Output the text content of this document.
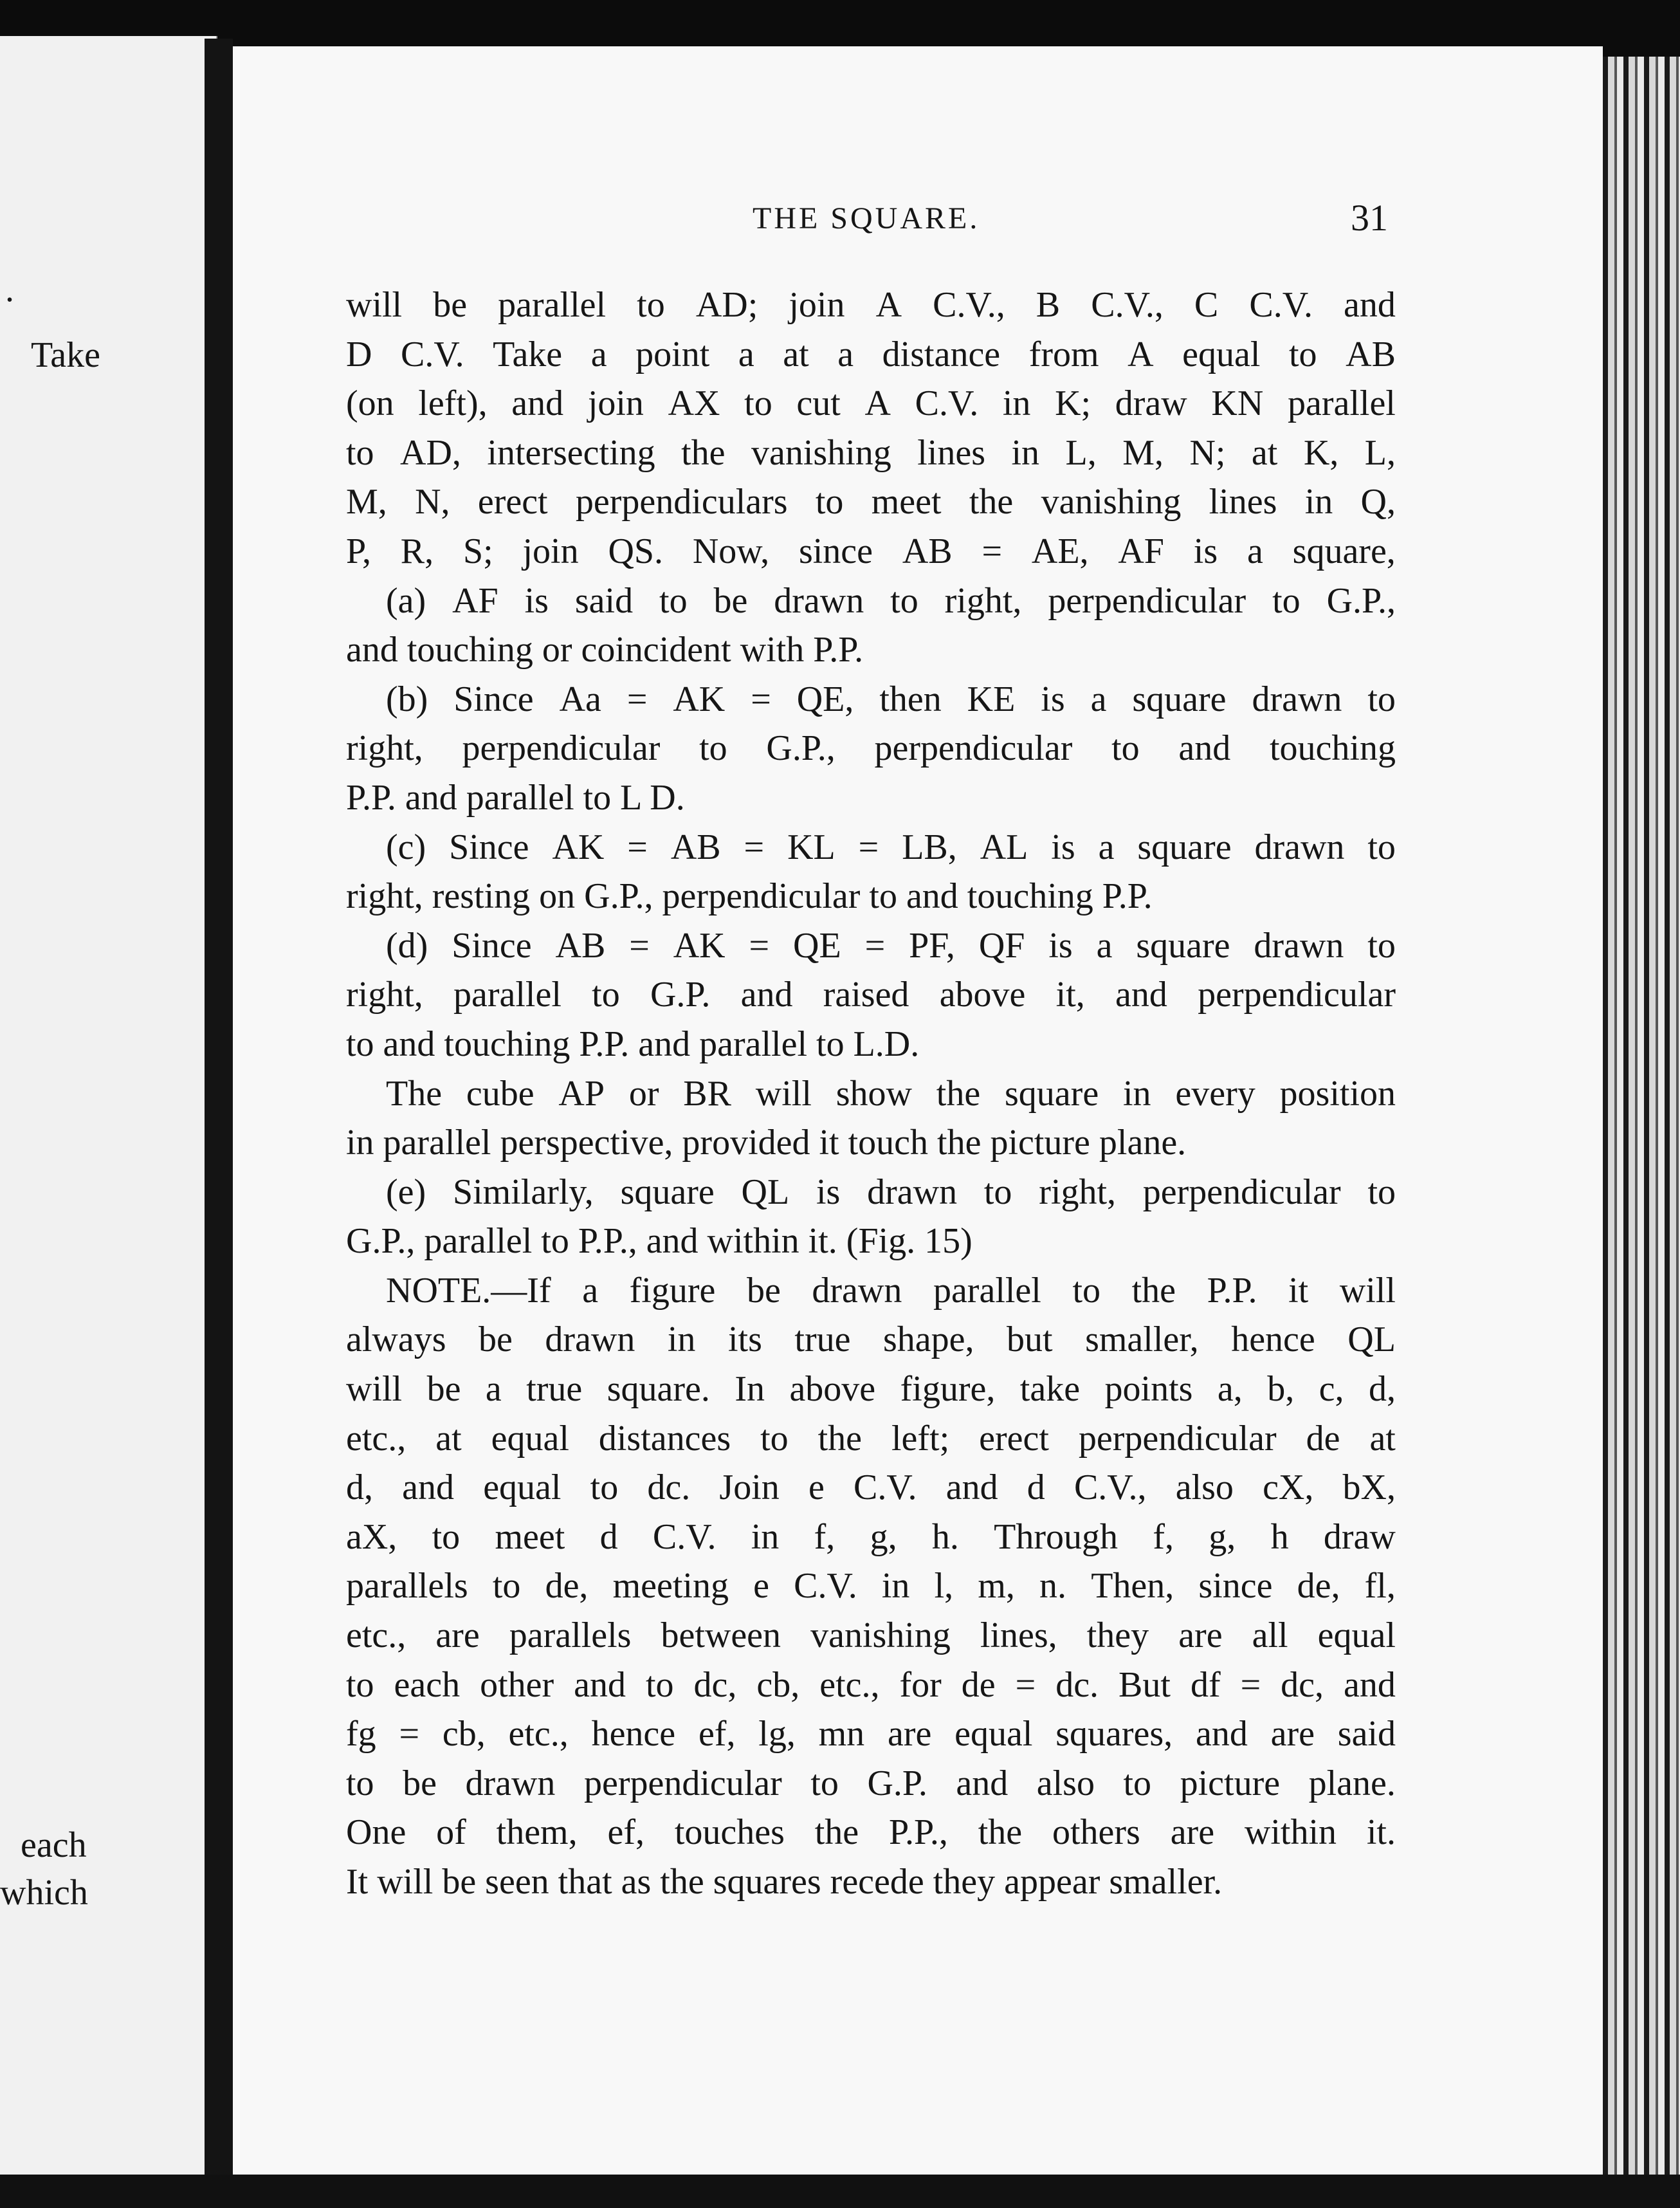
.
Take
each
which
THE SQUARE.	31
will be parallel to AD; join A C.V., B C.V., C C.V. and
D C.V. Take a point a at a distance from A equal to AB
(on left), and join AX to cut A C.V. in K; draw KN parallel
to AD, intersecting the vanishing lines in L, M, N; at K, L,
M, N, erect perpendiculars to meet the vanishing lines in Q,
P, R, S; join QS. Now, since AB = AE, AF is a square,
(a) AF is said to be drawn to right, perpendicular to G.P.,
and touching or coincident with P.P.
(b) Since Aa = AK = QE, then KE is a square drawn to
right, perpendicular to G.P., perpendicular to and touching
P.P. and parallel to L D.
(c) Since AK = AB = KL = LB, AL is a square drawn to
right, resting on G.P., perpendicular to and touching P.P.
(d) Since AB = AK = QE = PF, QF is a square drawn to
right, parallel to G.P. and raised above it, and perpendicular
to and touching P.P. and parallel to L.D.
The cube AP or BR will show the square in every position
in parallel perspective, provided it touch the picture plane.
(e) Similarly, square QL is drawn to right, perpendicular to
G.P., parallel to P.P., and within it. (Fig. 15)
NOTE.—If a figure be drawn parallel to the P.P. it will
always be drawn in its true shape, but smaller, hence QL
will be a true square. In above figure, take points a, b, c, d,
etc., at equal distances to the left; erect perpendicular de at
d, and equal to dc. Join e C.V. and d C.V., also cX, bX,
aX, to meet d C.V. in f, g, h. Through f, g, h draw
parallels to de, meeting e C.V. in l, m, n. Then, since de, fl,
etc., are parallels between vanishing lines, they are all equal
to each other and to dc, cb, etc., for de = dc. But df = dc, and
fg = cb, etc., hence ef, lg, mn are equal squares, and are said
to be drawn perpendicular to G.P. and also to picture plane.
One of them, ef, touches the P.P., the others are within it.
It will be seen that as the squares recede they appear smaller.
